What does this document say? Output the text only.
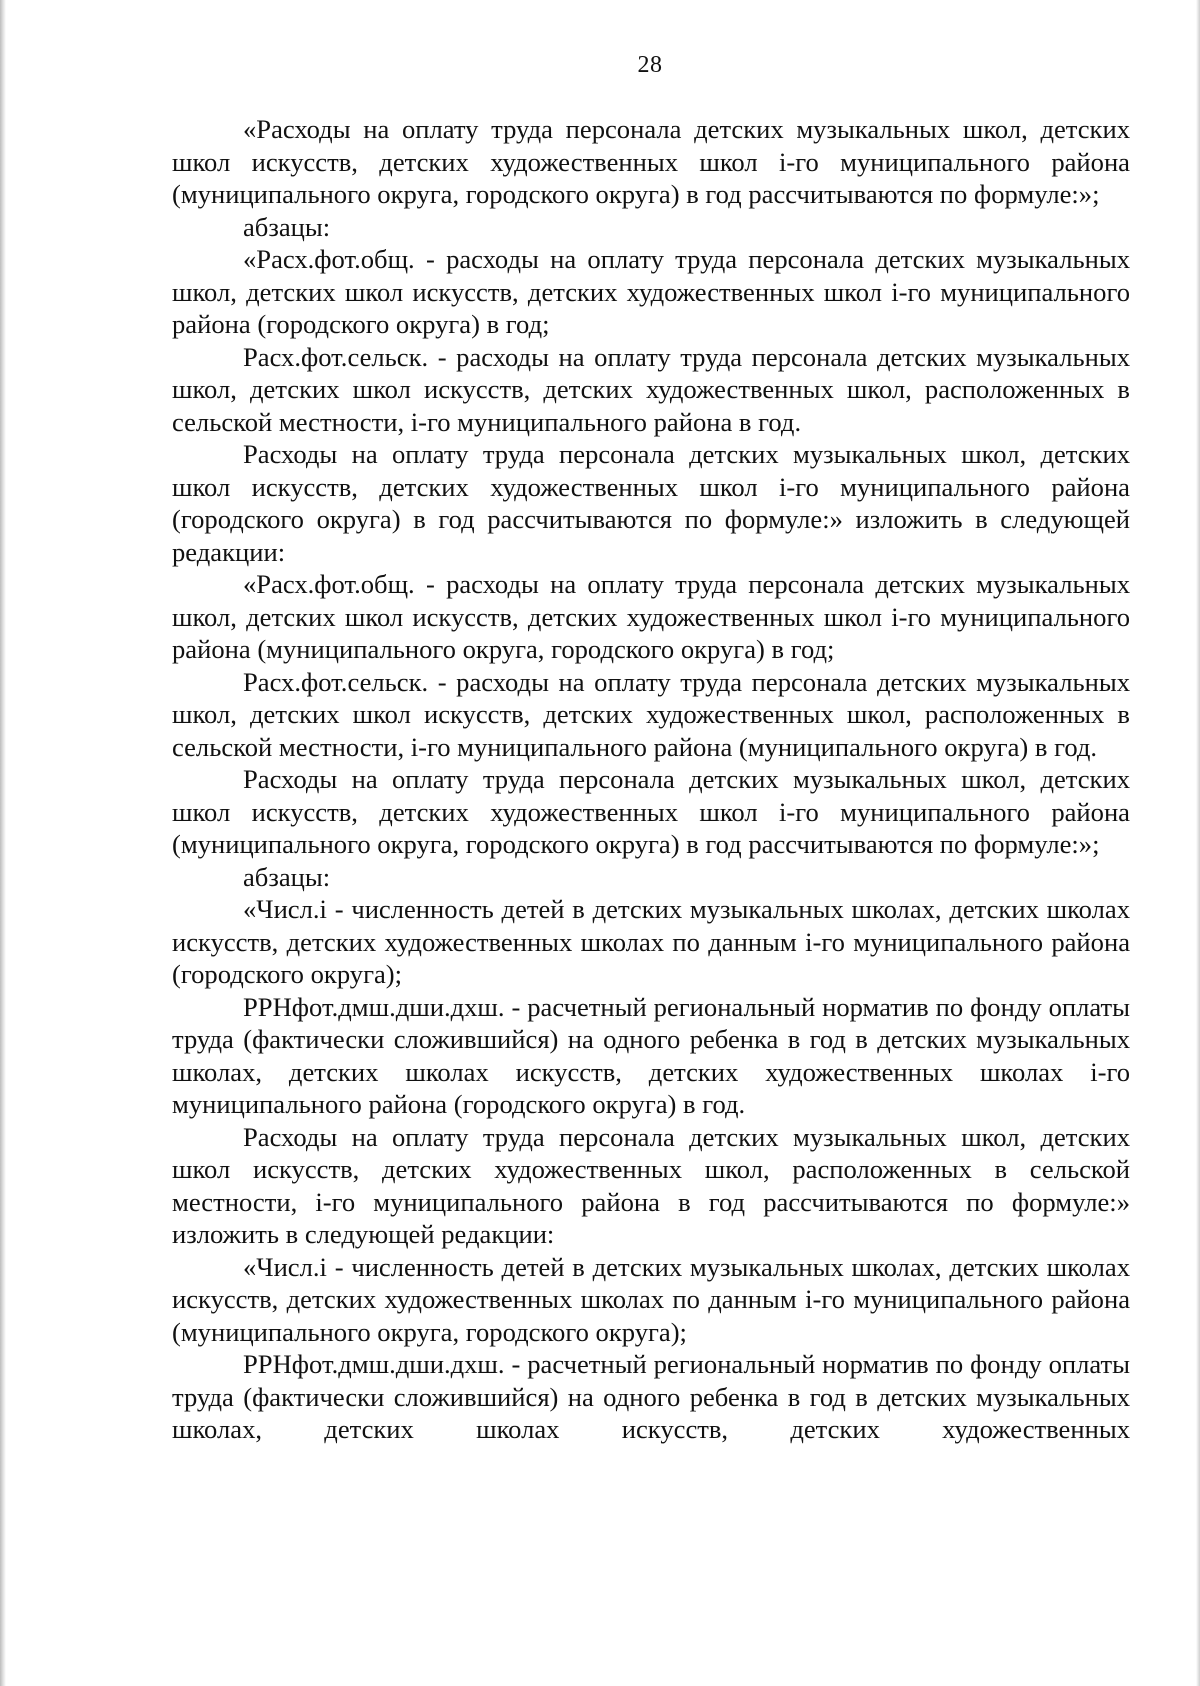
28

«Расходы на оплату труда персонала детских музыкальных школ, детских школ искусств, детских художественных школ i-го муниципального района (муниципального округа, городского округа) в год рассчитываются по формуле:»;

абзацы:

«Расх.фот.общ. - расходы на оплату труда персонала детских музыкальных школ, детских школ искусств, детских художественных школ i-го муниципального района (городского округа) в год;

Расх.фот.сельск. - расходы на оплату труда персонала детских музыкальных школ, детских школ искусств, детских художественных школ, расположенных в сельской местности, i-го муниципального района в год.

Расходы на оплату труда персонала детских музыкальных школ, детских школ искусств, детских художественных школ i-го муниципального района (городского округа) в год рассчитываются по формуле:» изложить в следующей редакции:

«Расх.фот.общ. - расходы на оплату труда персонала детских музыкальных школ, детских школ искусств, детских художественных школ i-го муниципального района (муниципального округа, городского округа) в год;

Расх.фот.сельск. - расходы на оплату труда персонала детских музыкальных школ, детских школ искусств, детских художественных школ, расположенных в сельской местности, i-го муниципального района (муниципального округа) в год.

Расходы на оплату труда персонала детских музыкальных школ, детских школ искусств, детских художественных школ i-го муниципального района (муниципального округа, городского округа) в год рассчитываются по формуле:»;

абзацы:

«Числ.i - численность детей в детских музыкальных школах, детских школах искусств, детских художественных школах по данным i-го муниципального района (городского округа);

РРНфот.дмш.дши.дхш. - расчетный региональный норматив по фонду оплаты труда (фактически сложившийся) на одного ребенка в год в детских музыкальных школах, детских школах искусств, детских художественных школах i-го муниципального района (городского округа) в год.

Расходы на оплату труда персонала детских музыкальных школ, детских школ искусств, детских художественных школ, расположенных в сельской местности, i-го муниципального района в год рассчитываются по формуле:» изложить в следующей редакции:

«Числ.i - численность детей в детских музыкальных школах, детских школах искусств, детских художественных школах по данным i-го муниципального района (муниципального округа, городского округа);

РРНфот.дмш.дши.дхш. - расчетный региональный норматив по фонду оплаты труда (фактически сложившийся) на одного ребенка в год в детских музыкальных школах, детских школах искусств, детских художественных
